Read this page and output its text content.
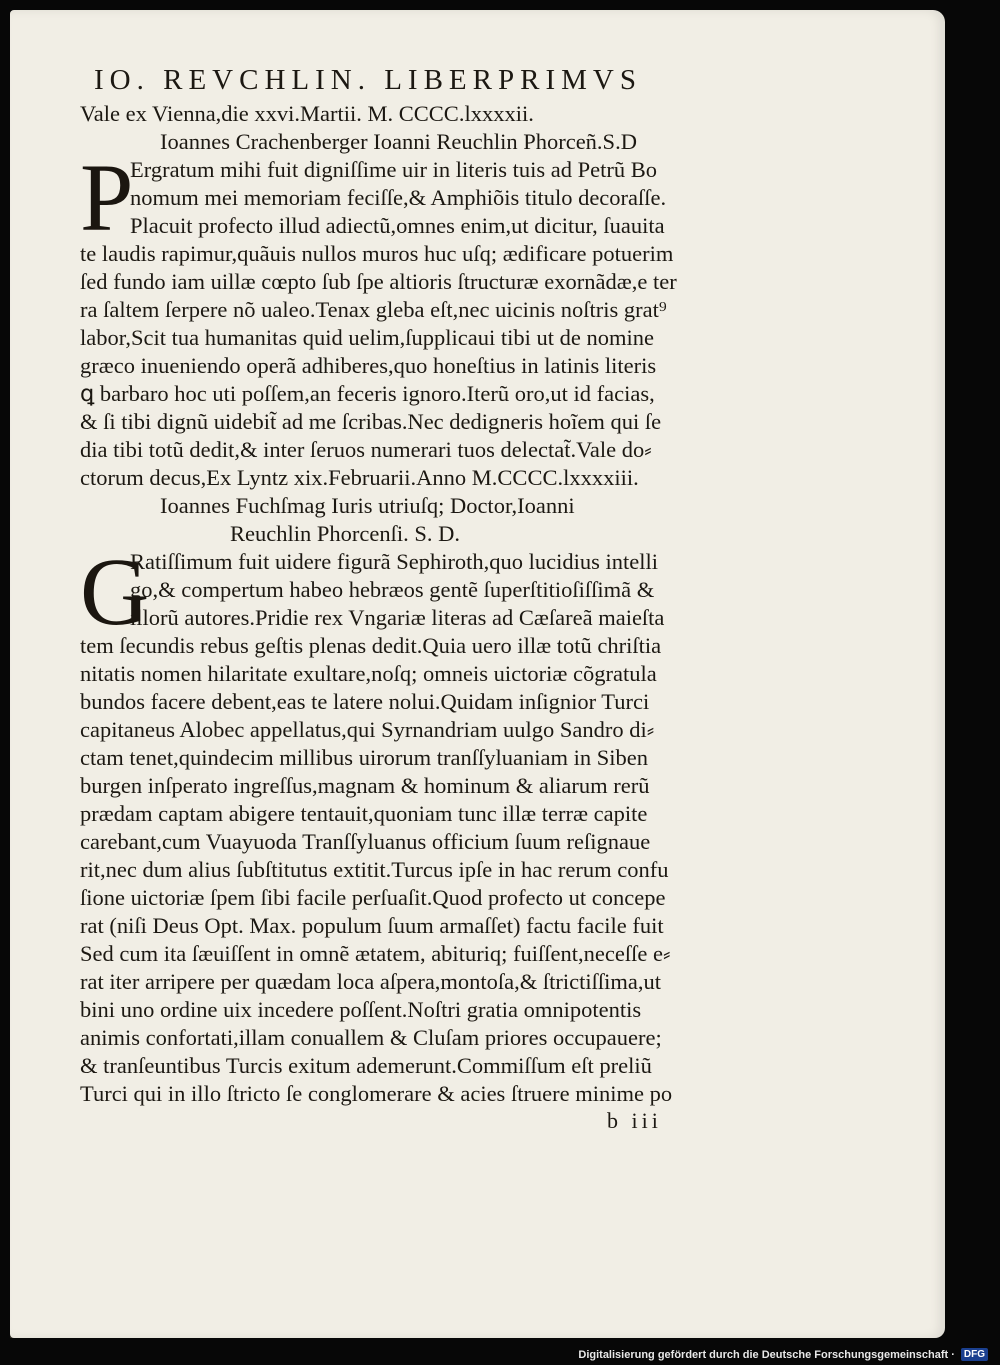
IO. REVCHLIN. LIBERPRIMVS
Vale ex Vienna,die xxvi.Martii. M. CCCC.lxxxxii.
Ioannes Crachenberger Ioanni Reuchlin Phorceñ.S.D
P
Ergratum mihi fuit digniſſime uir in literis tuis ad Petrũ Bo
nomum mei memoriam feciſſe,& Amphiõis titulo decoraſſe.
Placuit profecto illud adiectũ,omnes enim,ut dicitur, ſuauita
te laudis rapimur,quãuis nullos muros huc uſq; ædificare potuerim
ſed fundo iam uillæ cœpto ſub ſpe altioris ſtructuræ exornãdæ,e ter
ra ſaltem ſerpere nõ ualeo.Tenax gleba eſt,nec uicinis noſtris grat⁹
labor,Scit tua humanitas quid uelim,ſupplicaui tibi ut de nomine
græco inueniendo operã adhiberes,quo honeſtius in latinis literis
ꝗ barbaro hoc uti poſſem,an feceris ignoro.Iterũ oro,ut id facias,
& ſi tibi dignũ uidebit̃ ad me ſcribas.Nec dedigneris hoĩem qui ſe
dia tibi totũ dedit,& inter ſeruos numerari tuos delectat̃.Vale do⸗
ctorum decus,Ex Lyntz xix.Februarii.Anno M.CCCC.lxxxxiii.
Ioannes Fuchſmag Iuris utriuſq; Doctor,Ioanni
Reuchlin Phorcenſi. S. D.
G
Ratiſſimum fuit uidere figurã Sephiroth,quo lucidius intelli
go,& compertum habeo hebræos gentẽ ſuperſtitioſiſſimã &
illorũ autores.Pridie rex Vngariæ literas ad Cæſareã maieſta
tem ſecundis rebus geſtis plenas dedit.Quia uero illæ totũ chriſtia
nitatis nomen hilaritate exultare,noſq; omneis uictoriæ cõgratula
bundos facere debent,eas te latere nolui.Quidam inſignior Turci
capitaneus Alobec appellatus,qui Syrnandriam uulgo Sandro di⸗
ctam tenet,quindecim millibus uirorum tranſſyluaniam in Siben
burgen inſperato ingreſſus,magnam & hominum & aliarum rerũ
prædam captam abigere tentauit,quoniam tunc illæ terræ capite
carebant,cum Vuayuoda Tranſſyluanus officium ſuum reſignaue
rit,nec dum alius ſubſtitutus extitit.Turcus ipſe in hac rerum confu
ſione uictoriæ ſpem ſibi facile perſuaſit.Quod profecto ut concepe
rat (niſi Deus Opt. Max. populum ſuum armaſſet) factu facile fuit
Sed cum ita ſæuiſſent in omnẽ ætatem, abituriq; fuiſſent,neceſſe e⸗
rat iter arripere per quædam loca aſpera,montoſa,& ſtrictiſſima,ut
bini uno ordine uix incedere poſſent.Noſtri gratia omnipotentis
animis confortati,illam conuallem & Cluſam priores occupauere;
& tranſeuntibus Turcis exitum ademerunt.Commiſſum eſt preliũ
Turci qui in illo ſtricto ſe conglomerare & acies ſtruere minime po
b iii
Digitalisierung gefördert durch die Deutsche Forschungsgemeinschaft · DFG
